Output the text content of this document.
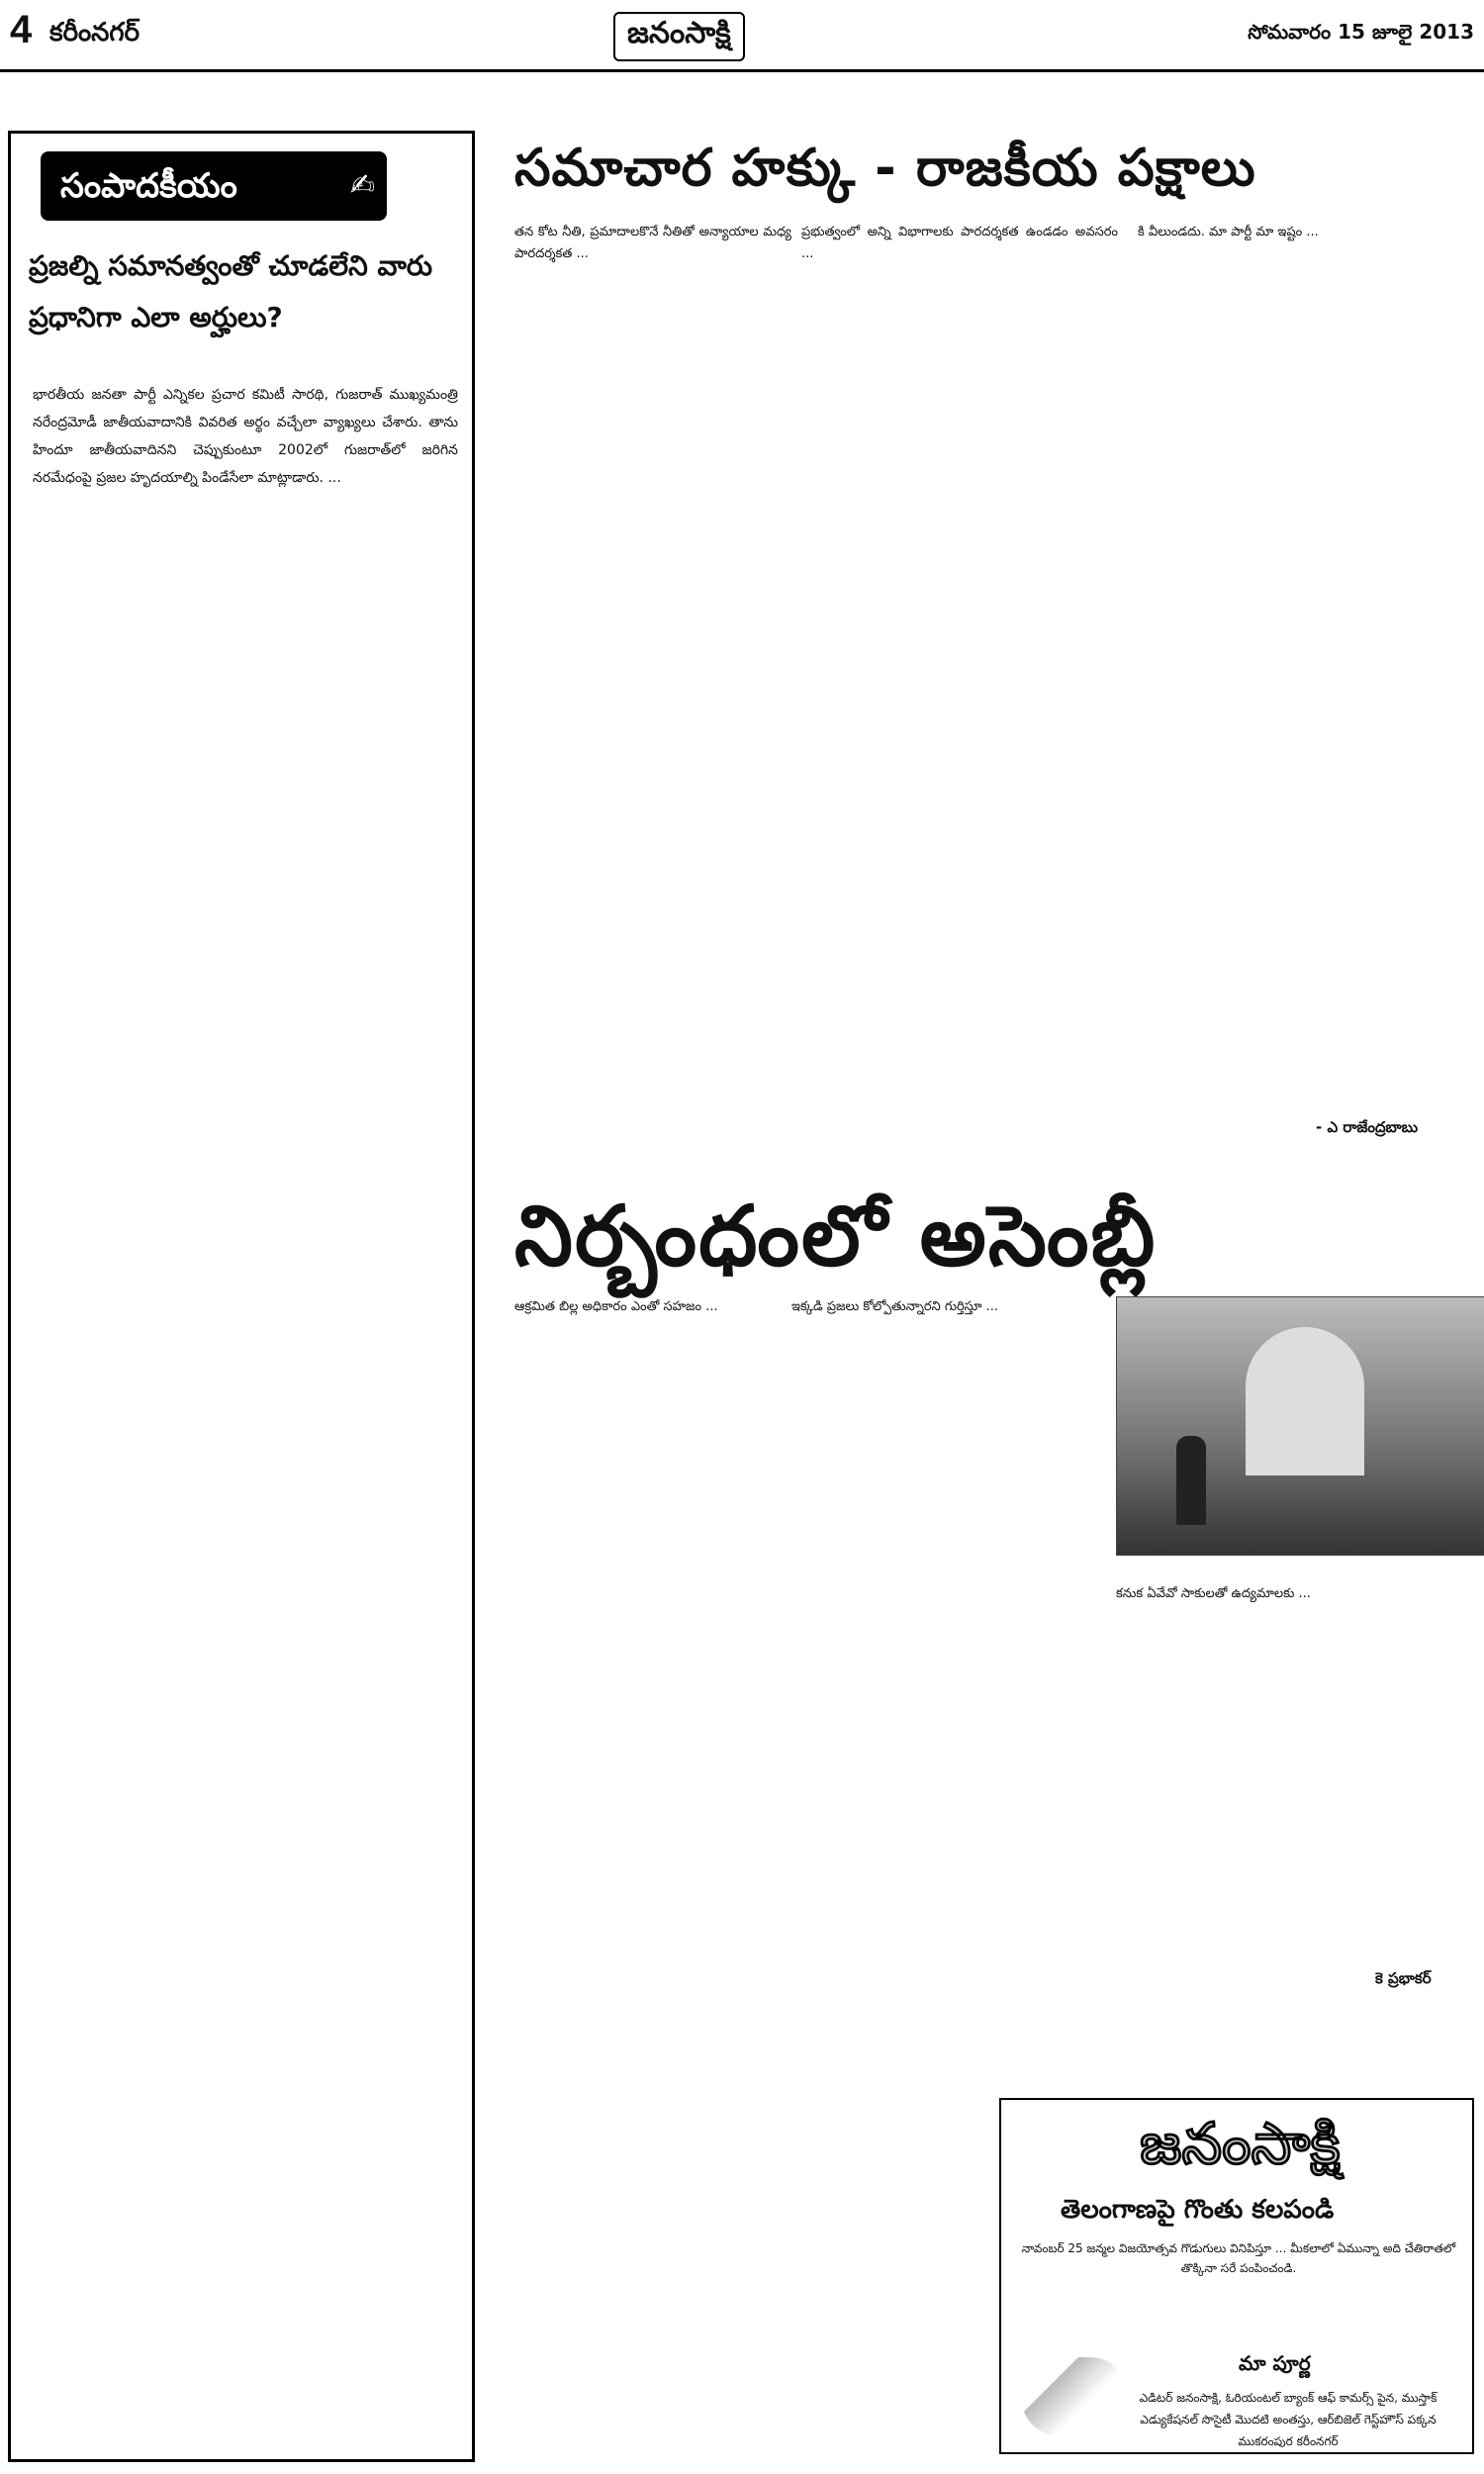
4 కరీంనగర్	జనంసాక్షి	సోమవారం 15 జూలై 2013
సంపాదకీయం	✍
ప్రజల్ని సమానత్వంతో చూడలేని వారు ప్రధానిగా ఎలా అర్హులు?
భారతీయ జనతా పార్టీ ఎన్నికల ప్రచార కమిటీ సారథి, గుజరాత్ ముఖ్యమంత్రి నరేంద్రమోడీ జాతీయవాదానికి వివరిత అర్థం వచ్చేలా వ్యాఖ్యలు చేశారు. తాను హిందూ జాతీయవాదినని చెప్పుకుంటూ 2002లో గుజరాత్‌లో జరిగిన నరమేధంపై ప్రజల హృదయాల్ని పిండేసేలా మాట్లాడారు. ...
సమాచార హక్కు - రాజకీయ పక్షాలు
తన కోట నీతి, ప్రమాదాలకొనే నీతితో అన్యాయాల మధ్య పారదర్శకత ...
ప్రభుత్వంలో అన్ని విభాగాలకు పారదర్శకత ఉండడం అవసరం ...
కి వీలుండదు. మా పార్టీ మా ఇష్టం ...
- ఎ రాజేంద్రబాబు
నిర్బంధంలో అసెంబ్లీ
ఆక్రమిత బిల్ల అధికారం ఎంతో సహజం ...	ఇక్కడి ప్రజలు కోల్పోతున్నారని గుర్తిస్తూ ...
కనుక ఏవేవో సాకులతో ఉద్యమాలకు ...
కె ప్రభాకర్
జనంసాక్షి
తెలంగాణపై గొంతు కలపండి
నావంబర్ 25 జన్మల విజయోత్సవ గొడుగులు వినిపిస్తూ ... మీకలాలో ఏమున్నా అది చేతిరాతలో తొక్కినా సరే పంపించండి.
మా పూర్ణ
ఎడిటర్ జనంసాక్షి, ఓరియంటల్ బ్యాంక్ ఆఫ్ కామర్స్ పైన, ముస్తాక్ ఎడ్యుకేషనల్ సొసైటీ మొదటి అంతస్తు, ఆర్‌బిజెల్ గెస్ట్‌హౌస్ పక్కన ముకరంపుర కరీంనగర్
